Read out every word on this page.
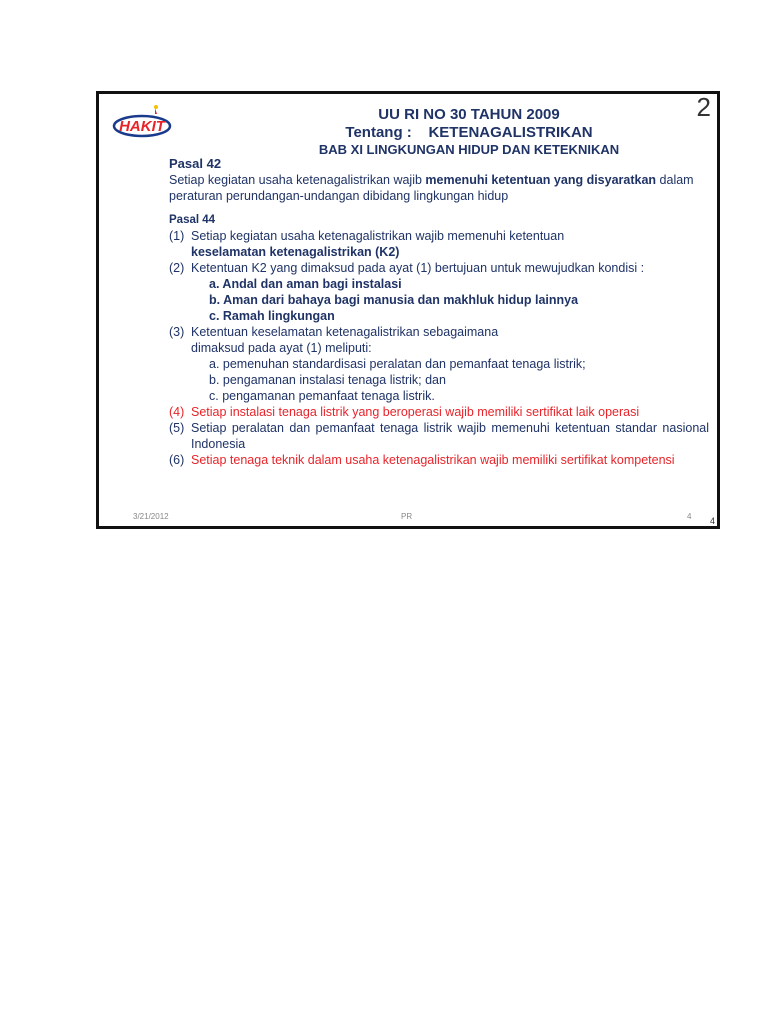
HAKIT
2
UU RI NO 30 TAHUN 2009
Tentang :    KETENAGALISTRIKAN
BAB XI LINGKUNGAN HIDUP DAN KETEKNIKAN
Pasal 42

Setiap kegiatan usaha ketenagalistrikan wajib memenuhi ketentuan yang disyaratkan dalam peraturan perundangan-undangan dibidang lingkungan hidup

Pasal 44
(1) Setiap kegiatan usaha ketenagalistrikan wajib memenuhi ketentuan
keselamatan ketenagalistrikan (K2)
(2) Ketentuan K2 yang dimaksud pada ayat (1) bertujuan untuk mewujudkan kondisi :
a. Andal dan aman bagi instalasi
b. Aman dari bahaya bagi manusia dan makhluk hidup lainnya
c. Ramah lingkungan
(3) Ketentuan keselamatan ketenagalistrikan sebagaimana
dimaksud pada ayat (1) meliputi:
a. pemenuhan standardisasi peralatan dan pemanfaat tenaga listrik;
b. pengamanan instalasi tenaga listrik; dan
c. pengamanan pemanfaat tenaga listrik.
(4) Setiap instalasi tenaga listrik yang beroperasi wajib memiliki sertifikat laik operasi
(5) Setiap peralatan dan pemanfaat tenaga listrik wajib memenuhi ketentuan standar nasional Indonesia
(6) Setiap tenaga teknik dalam usaha ketenagalistrikan wajib memiliki sertifikat kompetensi
3/21/2012	PR	4 4
